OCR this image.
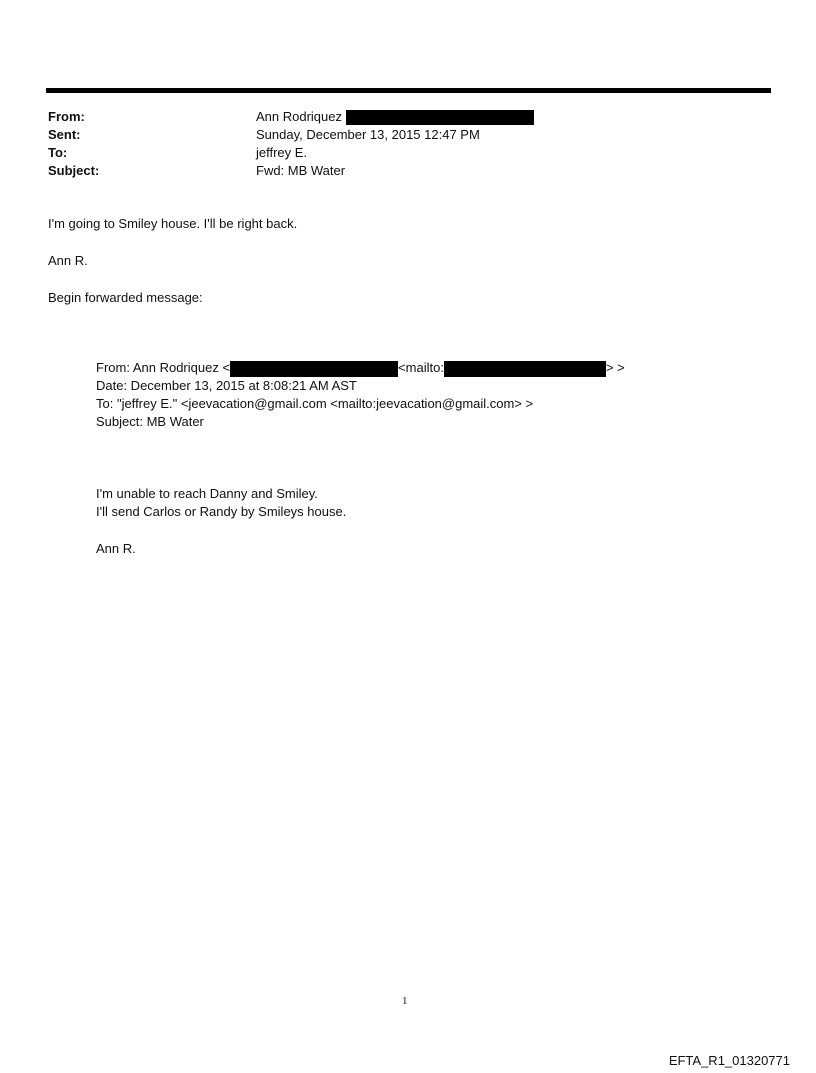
From:	Ann Rodriquez
Sent:	Sunday, December 13, 2015 12:47 PM
To:	jeffrey E.
Subject:	Fwd: MB Water
I'm going to Smiley house. I'll be right back.
Ann R.
Begin forwarded message:
From: Ann Rodriquez <	<mailto:	> >
Date: December 13, 2015 at 8:08:21 AM AST
To: "jeffrey E." <jeevacation@gmail.com <mailto:jeevacation@gmail.com> >
Subject: MB Water
I'm unable to reach Danny and Smiley.
I'll send Carlos or Randy by Smileys house.
Ann R.
1
EFTA_R1_01320771
